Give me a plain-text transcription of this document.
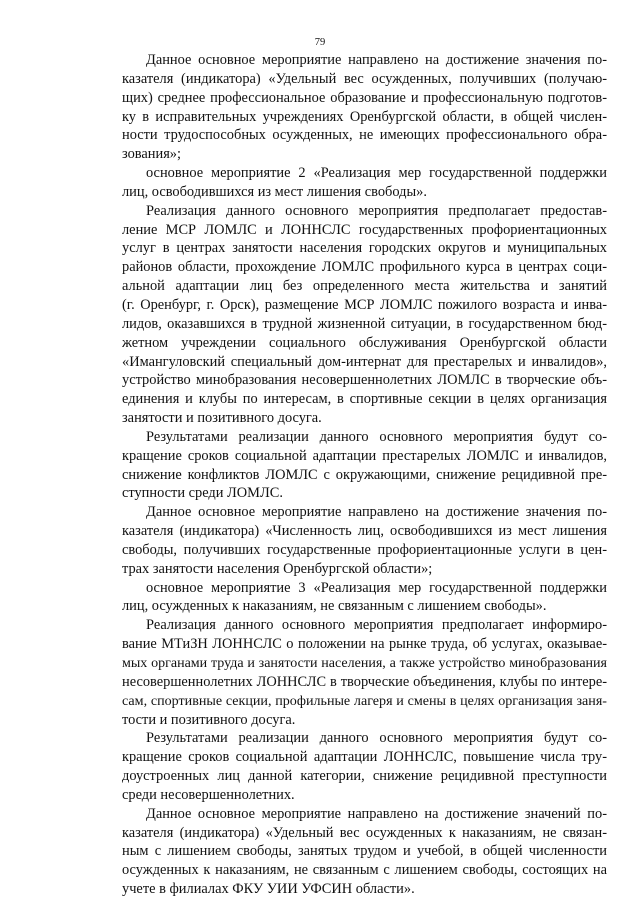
79
Данное основное мероприятие направлено на достижение значения по-
казателя (индикатора) «Удельный вес осужденных, получивших (получаю-
щих) среднее профессиональное образование и профессиональную подготов-
ку в исправительных учреждениях Оренбургской области, в общей числен-
ности трудоспособных осужденных, не имеющих профессионального обра-
зования»;
основное мероприятие 2 «Реализация мер государственной поддержки
лиц, освободившихся из мест лишения свободы».
Реализация данного основного мероприятия предполагает предостав-
ление МСР ЛОМЛС и ЛОННСЛС государственных профориентационных
услуг в центрах занятости населения городских округов и муниципальных
районов области, прохождение ЛОМЛС профильного курса в центрах соци-
альной адаптации лиц без определенного места жительства и занятий
(г. Оренбург, г. Орск), размещение МСР ЛОМЛС пожилого возраста и инва-
лидов, оказавшихся в трудной жизненной ситуации, в государственном бюд-
жетном учреждении социального обслуживания Оренбургской области
«Имангуловский специальный дом-интернат для престарелых и инвалидов»,
устройство минобразования несовершеннолетних ЛОМЛС в творческие объ-
единения и клубы по интересам, в спортивные секции в целях организация
занятости и позитивного досуга.
Результатами реализации данного основного мероприятия будут со-
кращение сроков социальной адаптации престарелых ЛОМЛС и инвалидов,
снижение конфликтов ЛОМЛС с окружающими, снижение рецидивной пре-
ступности среди ЛОМЛС.
Данное основное мероприятие направлено на достижение значения по-
казателя (индикатора) «Численность лиц, освободившихся из мест лишения
свободы, получивших государственные профориентационные услуги в цен-
трах занятости населения Оренбургской области»;
основное мероприятие 3 «Реализация мер государственной поддержки
лиц, осужденных к наказаниям, не связанным с лишением свободы».
Реализация данного основного мероприятия предполагает информиро-
вание МТиЗН ЛОННСЛС о положении на рынке труда, об услугах, оказывае-
мых органами труда и занятости населения, а также устройство минобразования
несовершеннолетних ЛОННСЛС в творческие объединения, клубы по интере-
сам, спортивные секции, профильные лагеря и смены в целях организация заня-
тости и позитивного досуга.
Результатами реализации данного основного мероприятия будут со-
кращение сроков социальной адаптации ЛОННСЛС, повышение числа тру-
доустроенных лиц данной категории, снижение рецидивной преступности
среди несовершеннолетних.
Данное основное мероприятие направлено на достижение значений по-
казателя (индикатора) «Удельный вес осужденных к наказаниям, не связан-
ным с лишением свободы, занятых трудом и учебой, в общей численности
осужденных к наказаниям, не связанным с лишением свободы, состоящих на
учете в филиалах ФКУ УИИ УФСИН области».
